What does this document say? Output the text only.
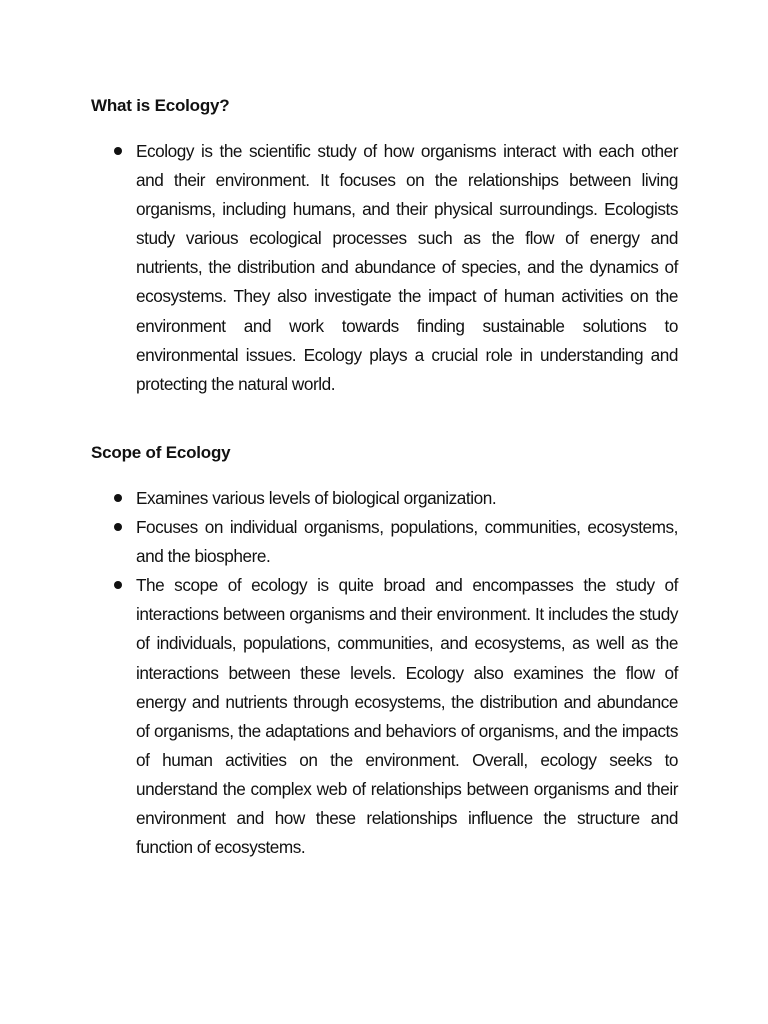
What is Ecology?
Ecology is the scientific study of how organisms interact with each other and their environment. It focuses on the relationships between living organisms, including humans, and their physical surroundings. Ecologists study various ecological processes such as the flow of energy and nutrients, the distribution and abundance of species, and the dynamics of ecosystems. They also investigate the impact of human activities on the environment and work towards finding sustainable solutions to environmental issues. Ecology plays a crucial role in understanding and protecting the natural world.
Scope of Ecology
Examines various levels of biological organization.
Focuses on individual organisms, populations, communities, ecosystems, and the biosphere.
The scope of ecology is quite broad and encompasses the study of interactions between organisms and their environment. It includes the study of individuals, populations, communities, and ecosystems, as well as the interactions between these levels. Ecology also examines the flow of energy and nutrients through ecosystems, the distribution and abundance of organisms, the adaptations and behaviors of organisms, and the impacts of human activities on the environment. Overall, ecology seeks to understand the complex web of relationships between organisms and their environment and how these relationships influence the structure and function of ecosystems.
